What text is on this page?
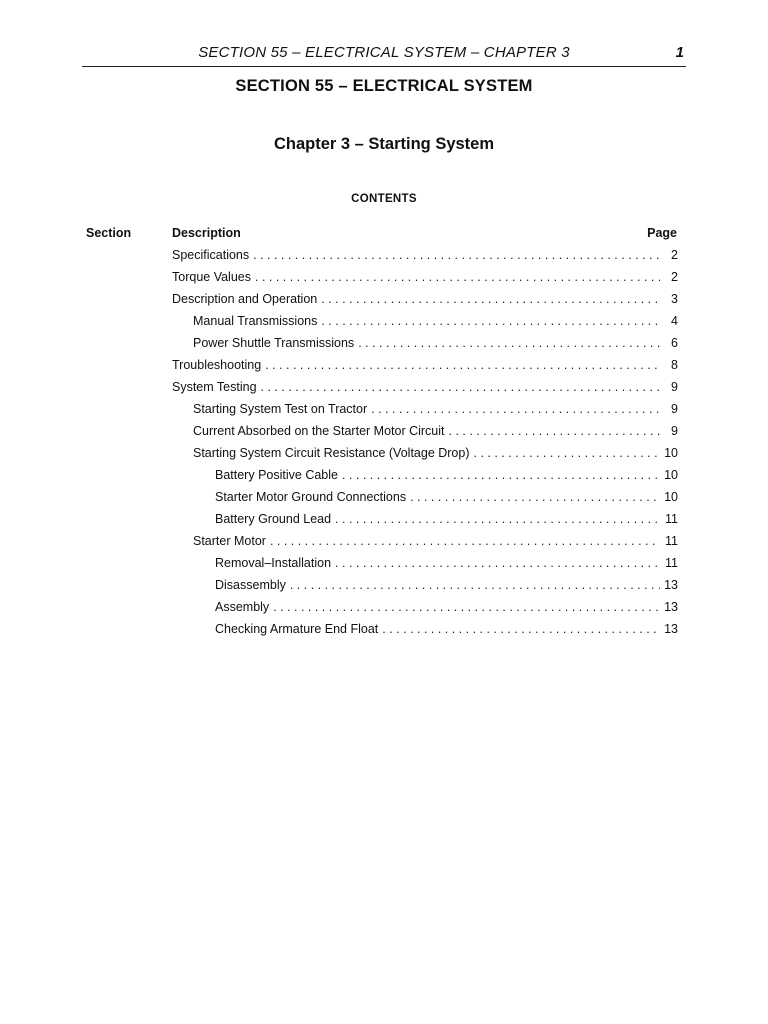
SECTION 55 – ELECTRICAL SYSTEM – CHAPTER 3	1
SECTION 55 – ELECTRICAL SYSTEM
Chapter 3 – Starting System
CONTENTS
Section	Description	Page
Specifications . . .	2
Torque Values . . .	2
Description and Operation . . .	3
Manual Transmissions . . .	4
Power Shuttle Transmissions . . .	6
Troubleshooting . . .	8
System Testing . . .	9
Starting System Test on Tractor . . .	9
Current Absorbed on the Starter Motor Circuit . . .	9
Starting System Circuit Resistance (Voltage Drop) . . .	10
Battery Positive Cable . . .	10
Starter Motor Ground Connections . . .	10
Battery Ground Lead . . .	11
Starter Motor . . .	11
Removal–Installation . . .	11
Disassembly . . .	13
Assembly . . .	13
Checking Armature End Float . . .	13
